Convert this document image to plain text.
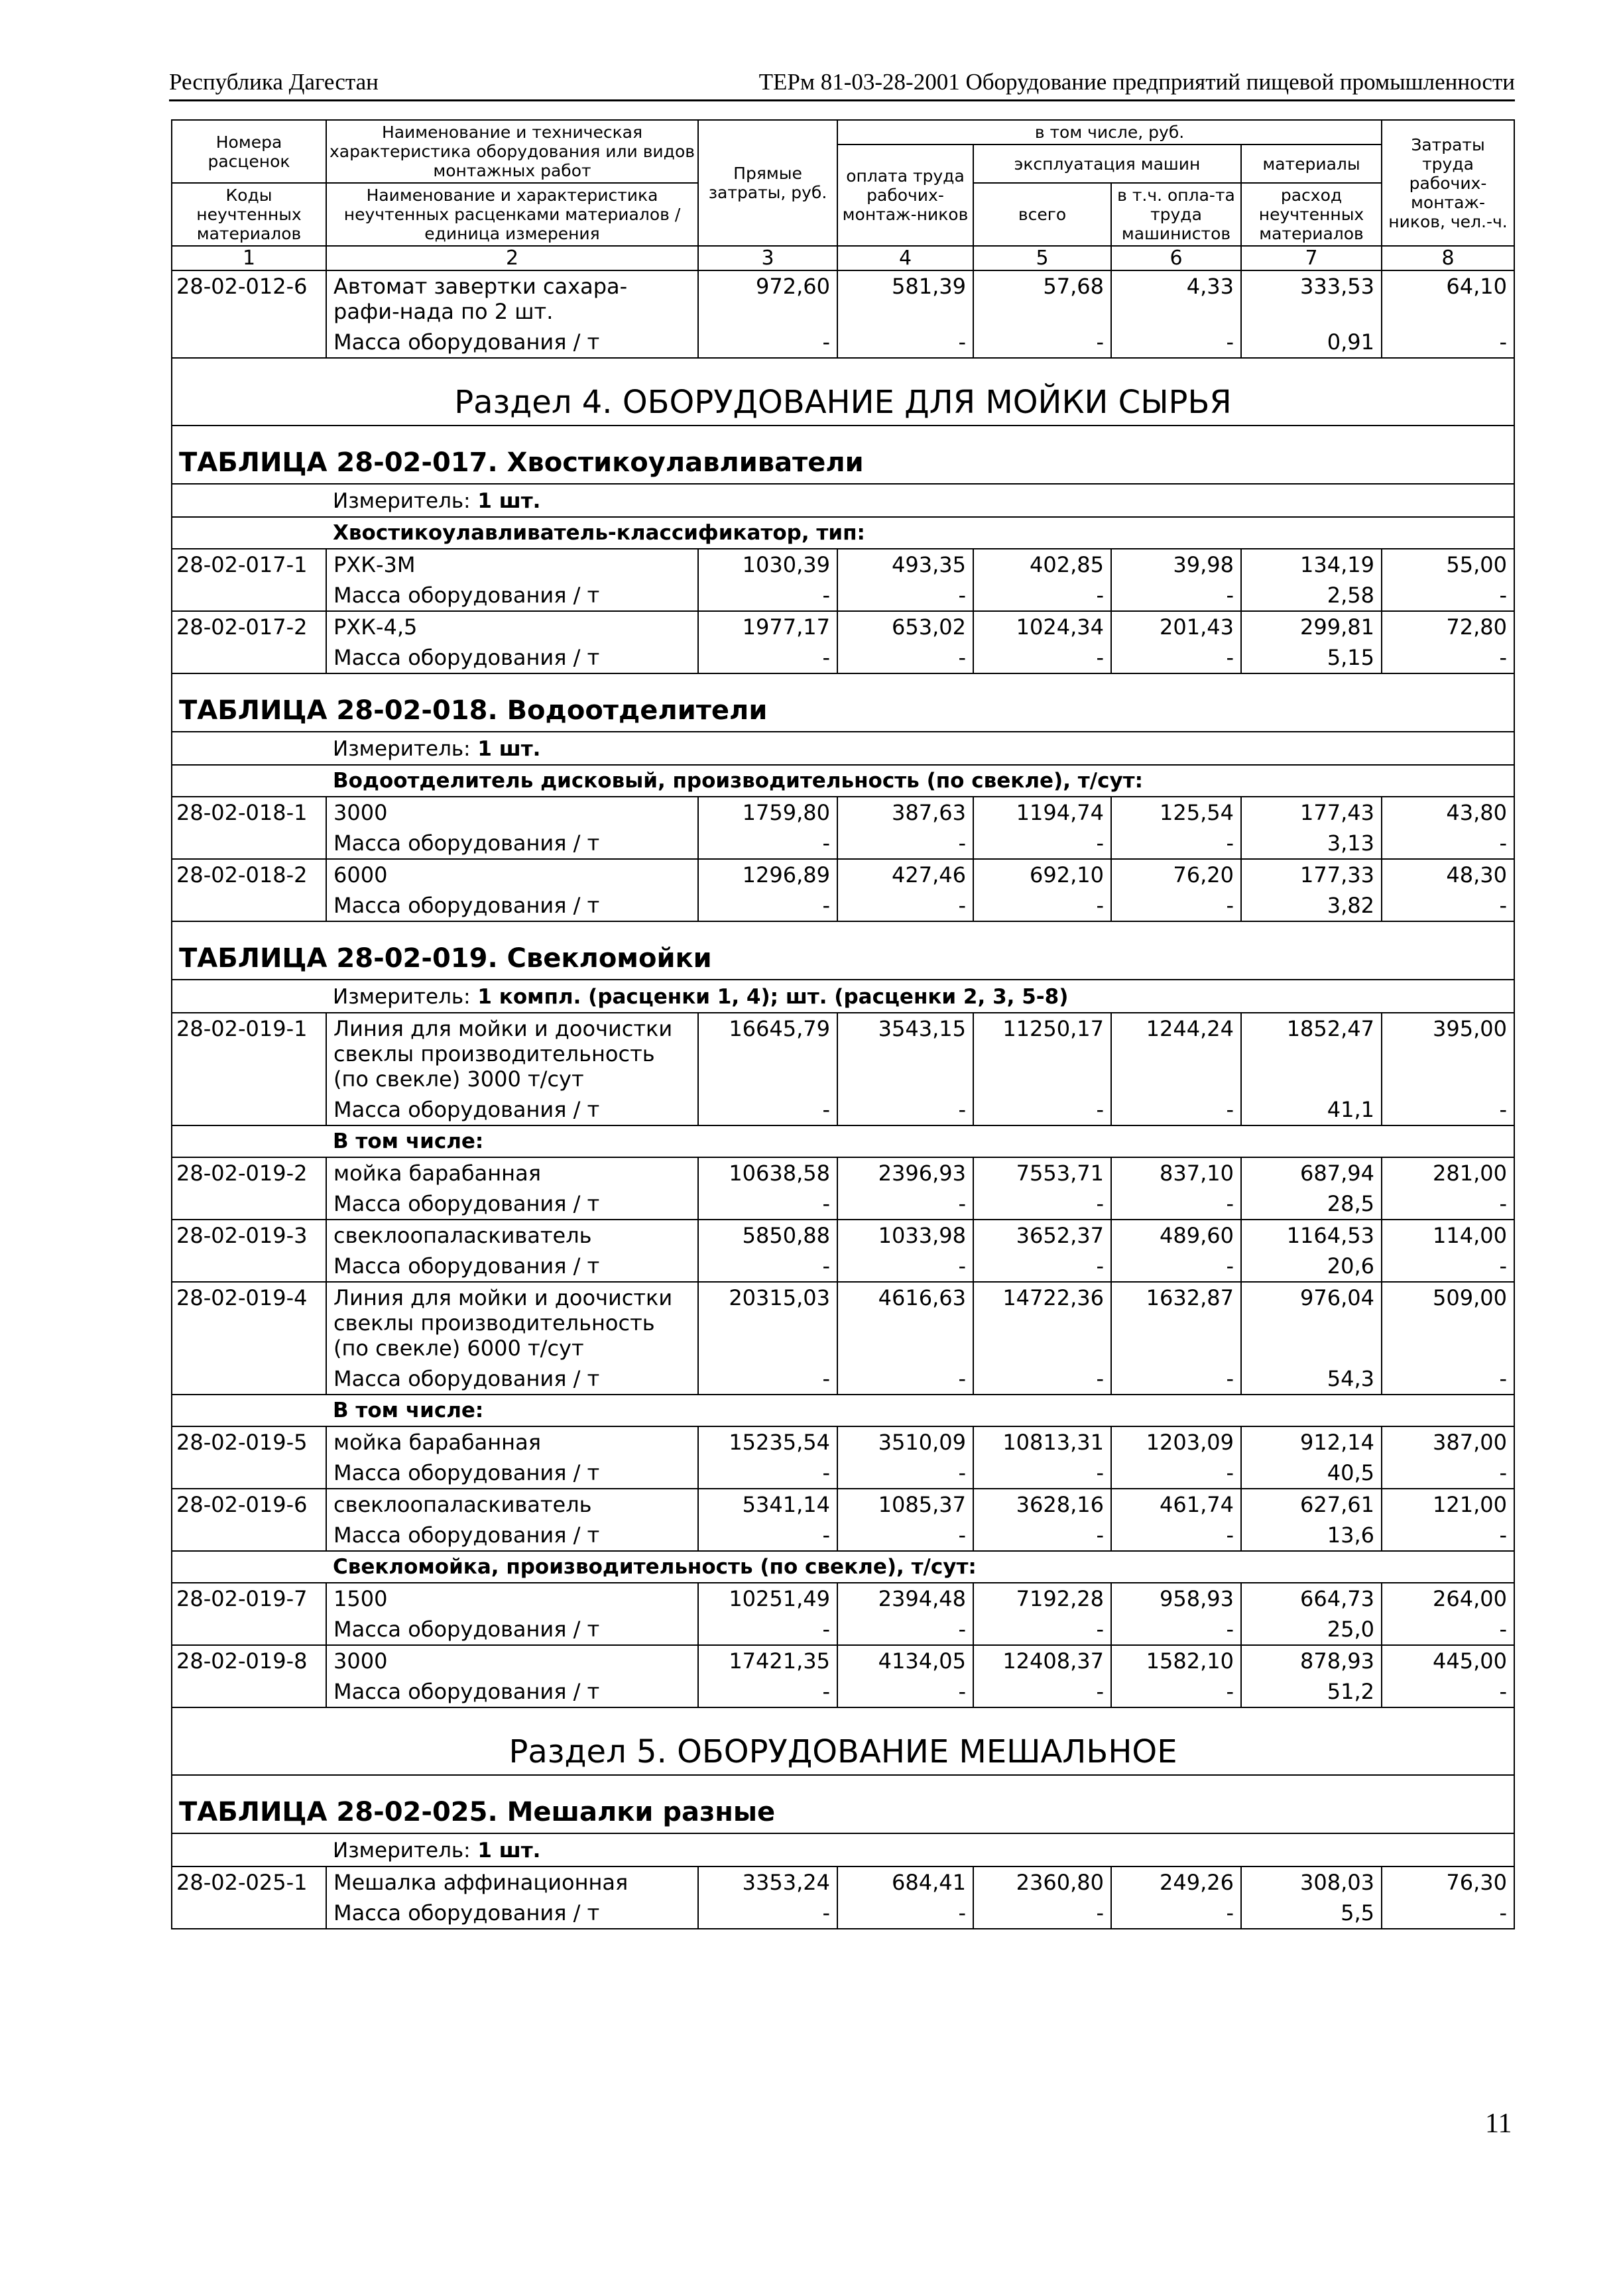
Республика Дагестан	ТЕРм 81-03-28-2001 Оборудование предприятий пищевой промышленности
Номера расценок	Наименование и техническая характеристика оборудования или видов монтажных работ	Прямые затраты, руб.	в том числе, руб.				Затраты труда рабочих-монтаж-ников, чел.-ч.
			оплата труда рабочих-монтаж-ников	эксплуатация машин		материалы	
Коды неучтенных материалов	Наименование и характеристика неучтенных расценками материалов / единица измерения			всего	в т.ч. опла-та труда машинистов	расход неучтенных материалов	

1	2	3	4	5	6	7	8
28-02-012-6	Автомат завертки сахара-рафи-нада по 2 шт.	972,60	581,39	57,68	4,33	333,53	64,10
	Масса оборудования / т	-	-	-	-	0,91	-
Раздел 4. ОБОРУДОВАНИЕ ДЛЯ МОЙКИ СЫРЬЯ							
ТАБЛИЦА 28-02-017. Хвостикоулавливатели							
	Измеритель: 1 шт.						
	Хвостикоулавливатель-классификатор, тип:						
28-02-017-1	РХК-3М	1030,39	493,35	402,85	39,98	134,19	55,00
	Масса оборудования / т	-	-	-	-	2,58	-
28-02-017-2	РХК-4,5	1977,17	653,02	1024,34	201,43	299,81	72,80
	Масса оборудования / т	-	-	-	-	5,15	-
ТАБЛИЦА 28-02-018. Водоотделители							
	Измеритель: 1 шт.						
	Водоотделитель дисковый, производительность (по свекле), т/сут:						
28-02-018-1	3000	1759,80	387,63	1194,74	125,54	177,43	43,80
	Масса оборудования / т	-	-	-	-	3,13	-
28-02-018-2	6000	1296,89	427,46	692,10	76,20	177,33	48,30
	Масса оборудования / т	-	-	-	-	3,82	-
ТАБЛИЦА 28-02-019. Свекломойки							
	Измеритель: 1 компл. (расценки 1, 4); шт. (расценки 2, 3, 5-8)						
28-02-019-1	Линия для мойки и доочистки свеклы производительность (по свекле) 3000 т/сут	16645,79	3543,15	11250,17	1244,24	1852,47	395,00
	Масса оборудования / т	-	-	-	-	41,1	-
	В том числе:						
28-02-019-2	мойка барабанная	10638,58	2396,93	7553,71	837,10	687,94	281,00
	Масса оборудования / т	-	-	-	-	28,5	-
28-02-019-3	свеклоопаласкиватель	5850,88	1033,98	3652,37	489,60	1164,53	114,00
	Масса оборудования / т	-	-	-	-	20,6	-
28-02-019-4	Линия для мойки и доочистки свеклы производительность (по свекле) 6000 т/сут	20315,03	4616,63	14722,36	1632,87	976,04	509,00
	Масса оборудования / т	-	-	-	-	54,3	-
	В том числе:						
28-02-019-5	мойка барабанная	15235,54	3510,09	10813,31	1203,09	912,14	387,00
	Масса оборудования / т	-	-	-	-	40,5	-
28-02-019-6	свеклоопаласкиватель	5341,14	1085,37	3628,16	461,74	627,61	121,00
	Масса оборудования / т	-	-	-	-	13,6	-
	Свекломойка, производительность (по свекле), т/сут:						
28-02-019-7	1500	10251,49	2394,48	7192,28	958,93	664,73	264,00
	Масса оборудования / т	-	-	-	-	25,0	-
28-02-019-8	3000	17421,35	4134,05	12408,37	1582,10	878,93	445,00
	Масса оборудования / т	-	-	-	-	51,2	-
Раздел 5. ОБОРУДОВАНИЕ МЕШАЛЬНОЕ							
ТАБЛИЦА 28-02-025. Мешалки разные							
	Измеритель: 1 шт.						
28-02-025-1	Мешалка аффинационная	3353,24	684,41	2360,80	249,26	308,03	76,30
	Масса оборудования / т	-	-	-	-	5,5	-
11
